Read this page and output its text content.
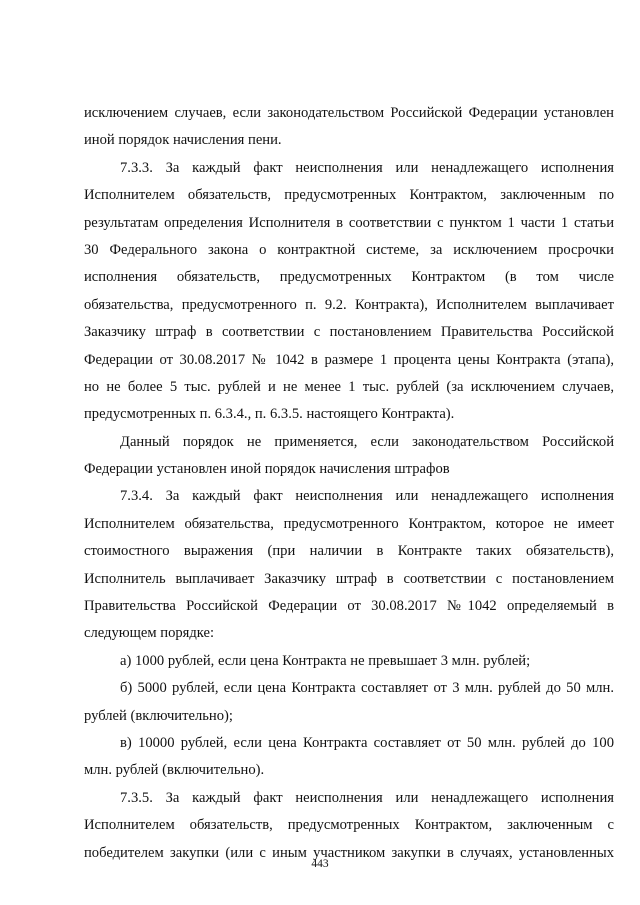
исключением случаев, если законодательством Российской Федерации установлен
иной порядок начисления пени.
7.3.3. За каждый факт неисполнения или ненадлежащего исполнения
Исполнителем обязательств, предусмотренных Контрактом, заключенным по
результатам определения Исполнителя в соответствии с пунктом 1 части 1 статьи
30 Федерального закона о контрактной системе, за исключением просрочки
исполнения обязательств, предусмотренных Контрактом (в том числе
обязательства, предусмотренного п. 9.2. Контракта), Исполнителем выплачивает
Заказчику штраф в соответствии с постановлением Правительства Российской
Федерации от 30.08.2017 № 1042 в размере 1 процента цены Контракта (этапа),
но не более 5 тыс. рублей и не менее 1 тыс. рублей (за исключением случаев,
предусмотренных п. 6.3.4., п. 6.3.5. настоящего Контракта).
Данный порядок не применяется, если законодательством Российской
Федерации установлен иной порядок начисления штрафов
7.3.4. За каждый факт неисполнения или ненадлежащего исполнения
Исполнителем обязательства, предусмотренного Контрактом, которое не имеет
стоимостного выражения (при наличии в Контракте таких обязательств),
Исполнитель выплачивает Заказчику штраф в соответствии с постановлением
Правительства Российской Федерации от 30.08.2017 №1042 определяемый в
следующем порядке:
а) 1000 рублей, если цена Контракта не превышает 3 млн. рублей;
б) 5000 рублей, если цена Контракта составляет от 3 млн. рублей до 50 млн.
рублей (включительно);
в) 10000 рублей, если цена Контракта составляет от 50 млн. рублей до 100
млн. рублей (включительно).
7.3.5. За каждый факт неисполнения или ненадлежащего исполнения
Исполнителем обязательств, предусмотренных Контрактом, заключенным с
победителем закупки (или с иным участником закупки в случаях, установленных
443
